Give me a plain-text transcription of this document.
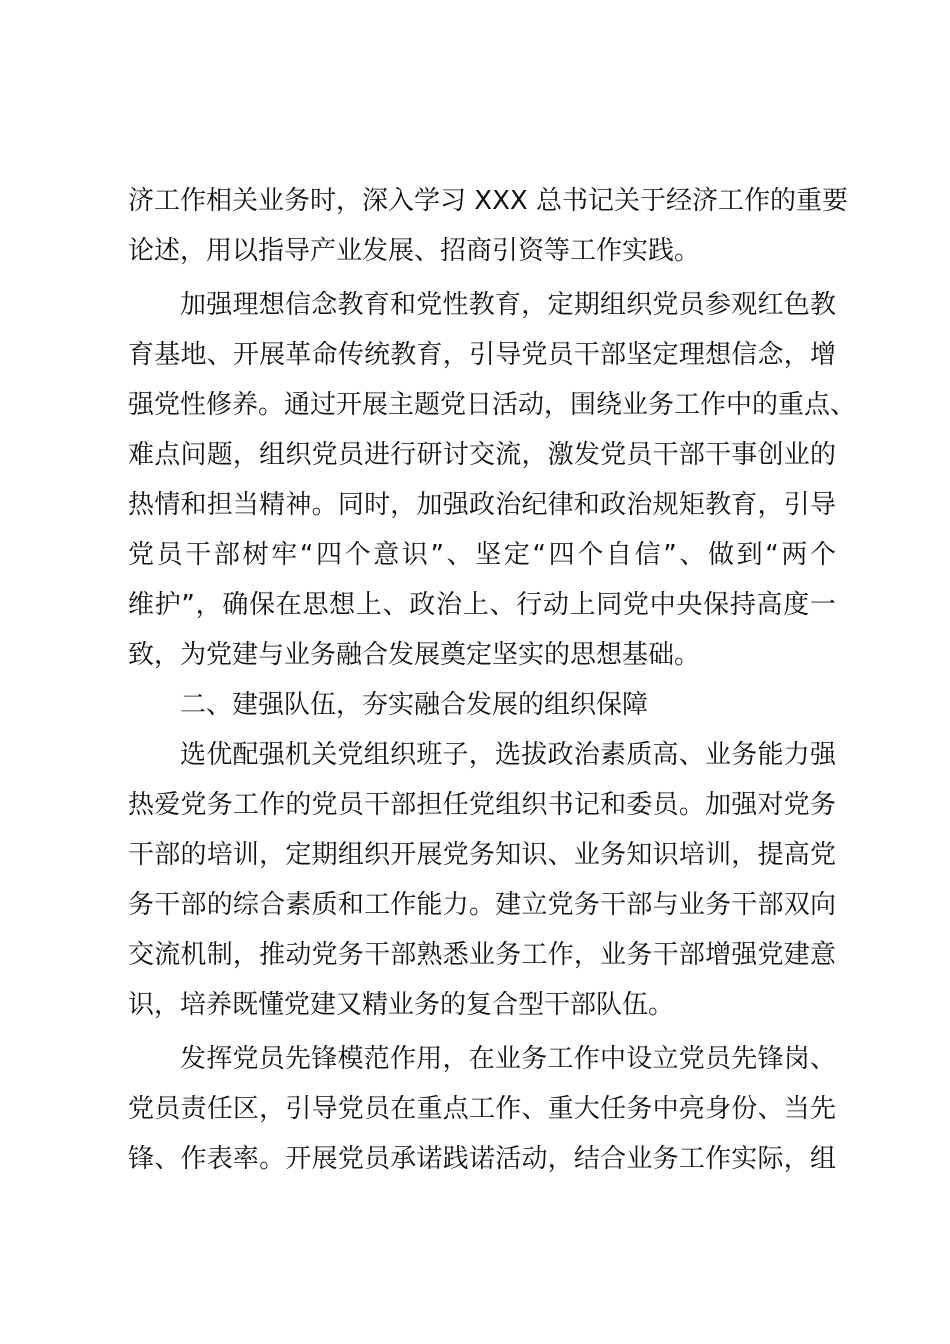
济工作相关业务时，深入学习 XXX 总书记关于经济工作的重要
论述，用以指导产业发展、招商引资等工作实践。
加强理想信念教育和党性教育，定期组织党员参观红色教
育基地、开展革命传统教育，引导党员干部坚定理想信念，增
强党性修养。通过开展主题党日活动，围绕业务工作中的重点、
难点问题，组织党员进行研讨交流，激发党员干部干事创业的
热情和担当精神。同时，加强政治纪律和政治规矩教育，引导
党员干部树牢“四个意识”、坚定“四个自信”、做到“两个
维护”，确保在思想上、政治上、行动上同党中央保持高度一
致，为党建与业务融合发展奠定坚实的思想基础。
二、建强队伍，夯实融合发展的组织保障
选优配强机关党组织班子，选拔政治素质高、业务能力强
热爱党务工作的党员干部担任党组织书记和委员。加强对党务
干部的培训，定期组织开展党务知识、业务知识培训，提高党
务干部的综合素质和工作能力。建立党务干部与业务干部双向
交流机制，推动党务干部熟悉业务工作，业务干部增强党建意
识，培养既懂党建又精业务的复合型干部队伍。
发挥党员先锋模范作用，在业务工作中设立党员先锋岗、
党员责任区，引导党员在重点工作、重大任务中亮身份、当先
锋、作表率。开展党员承诺践诺活动，结合业务工作实际，组
